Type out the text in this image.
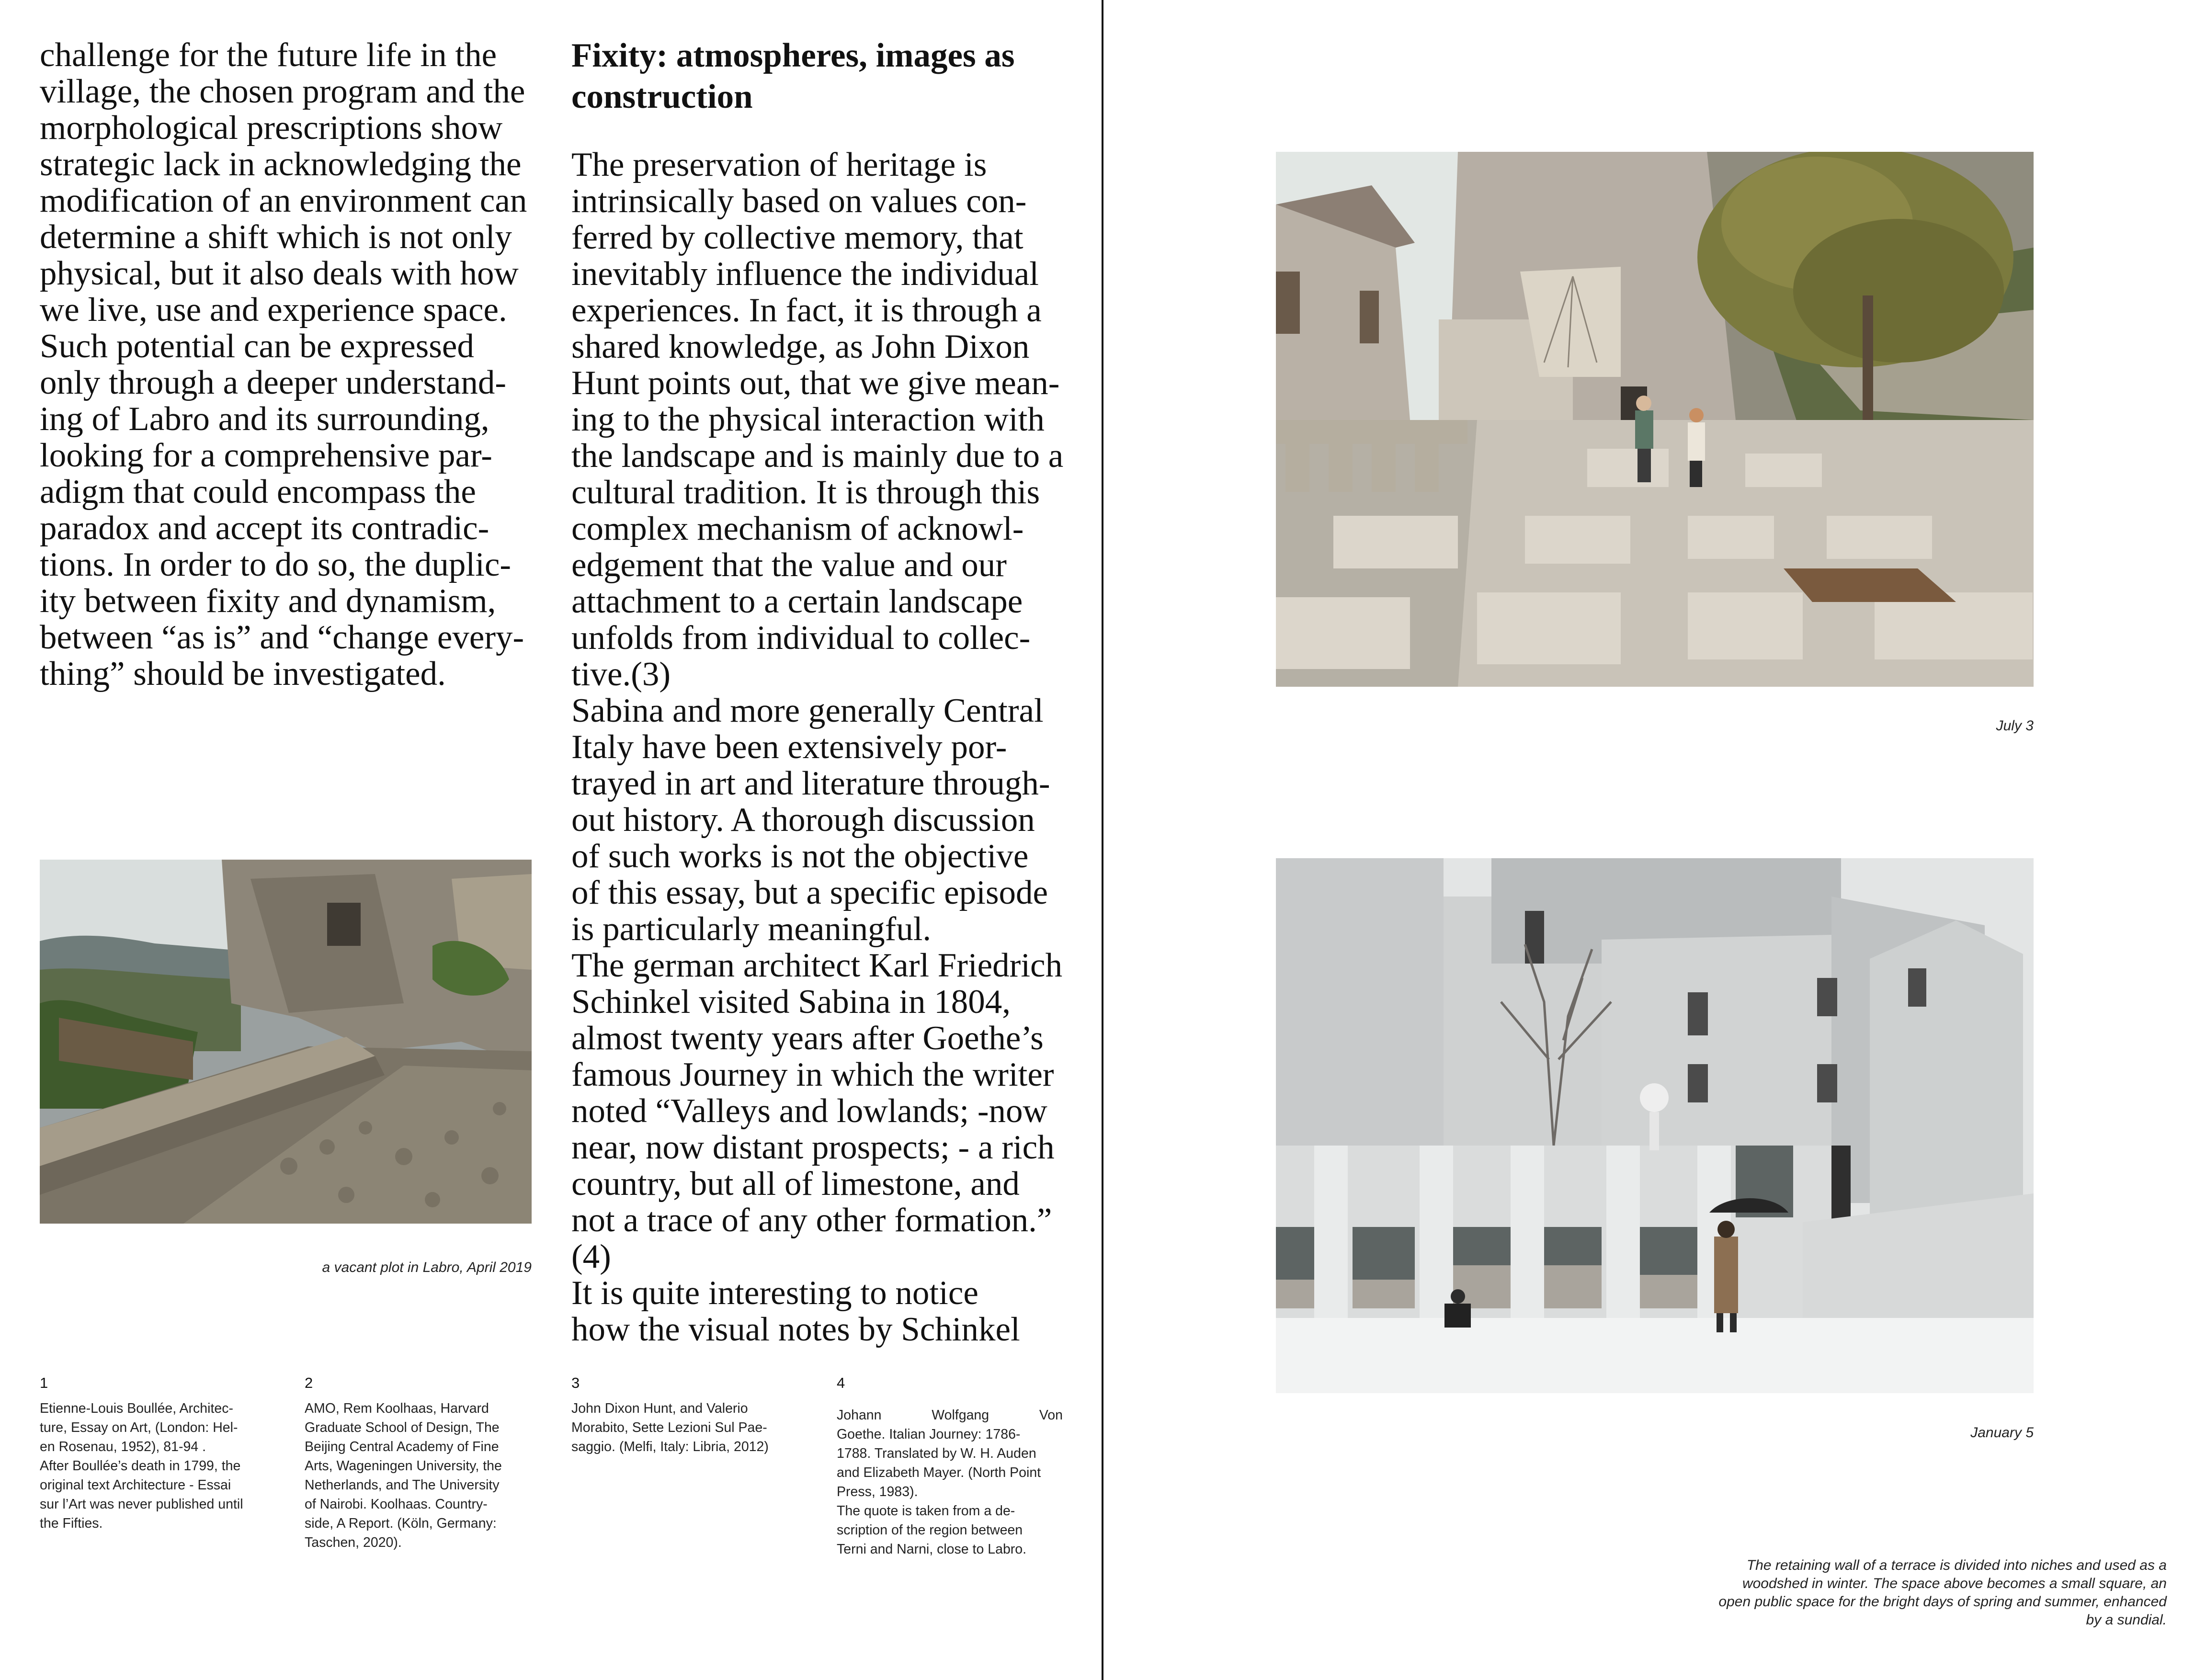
challenge for the future life in the
village, the chosen program and the
morphological prescriptions show
strategic lack in acknowledging the
modification of an environment can
determine a shift which is not only
physical, but it also deals with how
we live, use and experience space.
Such potential can be expressed
only through a deeper understand-
ing of Labro and its surrounding,
looking for a comprehensive par-
adigm that could encompass the
paradox and accept its contradic-
tions. In order to do so, the duplic-
ity between fixity and dynamism,
between “as is” and “change every-
thing” should be investigated.
a vacant plot in Labro, April 2019
Fixity: atmospheres, images as
construction
The preservation of heritage is
intrinsically based on values con-
ferred by collective memory, that
inevitably influence the individual
experiences. In fact, it is through a
shared knowledge, as John Dixon
Hunt points out, that we give mean-
ing to the physical interaction with
the landscape and is mainly due to a
cultural tradition. It is through this
complex mechanism of acknowl-
edgement that the value and our
attachment to a certain landscape
unfolds from individual to collec-
tive.(3)
Sabina and more generally Central
Italy have been extensively por-
trayed in art and literature through-
out history. A thorough discussion
of such works is not the objective
of this essay, but a specific episode
is particularly meaningful.
The german architect Karl Friedrich
Schinkel visited Sabina in 1804,
almost twenty years after Goethe’s
famous Journey in which the writer
noted “Valleys and lowlands; -now
near, now distant prospects; - a rich
country, but all of limestone, and
not a trace of any other formation.”
(4)
It is quite interesting to notice
how the visual notes by Schinkel
1
Etienne-Louis Boullée, Architec-
ture, Essay on Art, (London: Hel-
en Rosenau, 1952), 81-94 .
After Boullée’s death in 1799, the
original text Architecture - Essai
sur l’Art was never published until
the Fifties.
2
AMO, Rem Koolhaas, Harvard
Graduate School of Design, The
Beijing Central Academy of Fine
Arts, Wageningen University, the
Netherlands, and The University
of Nairobi. Koolhaas. Country-
side, A Report. (Köln, Germany:
Taschen, 2020).
3
John Dixon Hunt, and Valerio
Morabito, Sette Lezioni Sul Pae-
saggio. (Melfi, Italy: Libria, 2012)
4
Johann	Wolfgang	Von
Goethe. Italian Journey: 1786-
1788. Translated by W. H. Auden
and Elizabeth Mayer. (North Point
Press, 1983).
The quote is taken from a de-
scription of the region between
Terni and Narni, close to Labro.
July 3
January 5
The retaining wall of a terrace is divided into niches and used as a
woodshed in winter. The space above becomes a small square, an
open public space for the bright days of spring and summer, enhanced
by a sundial.
